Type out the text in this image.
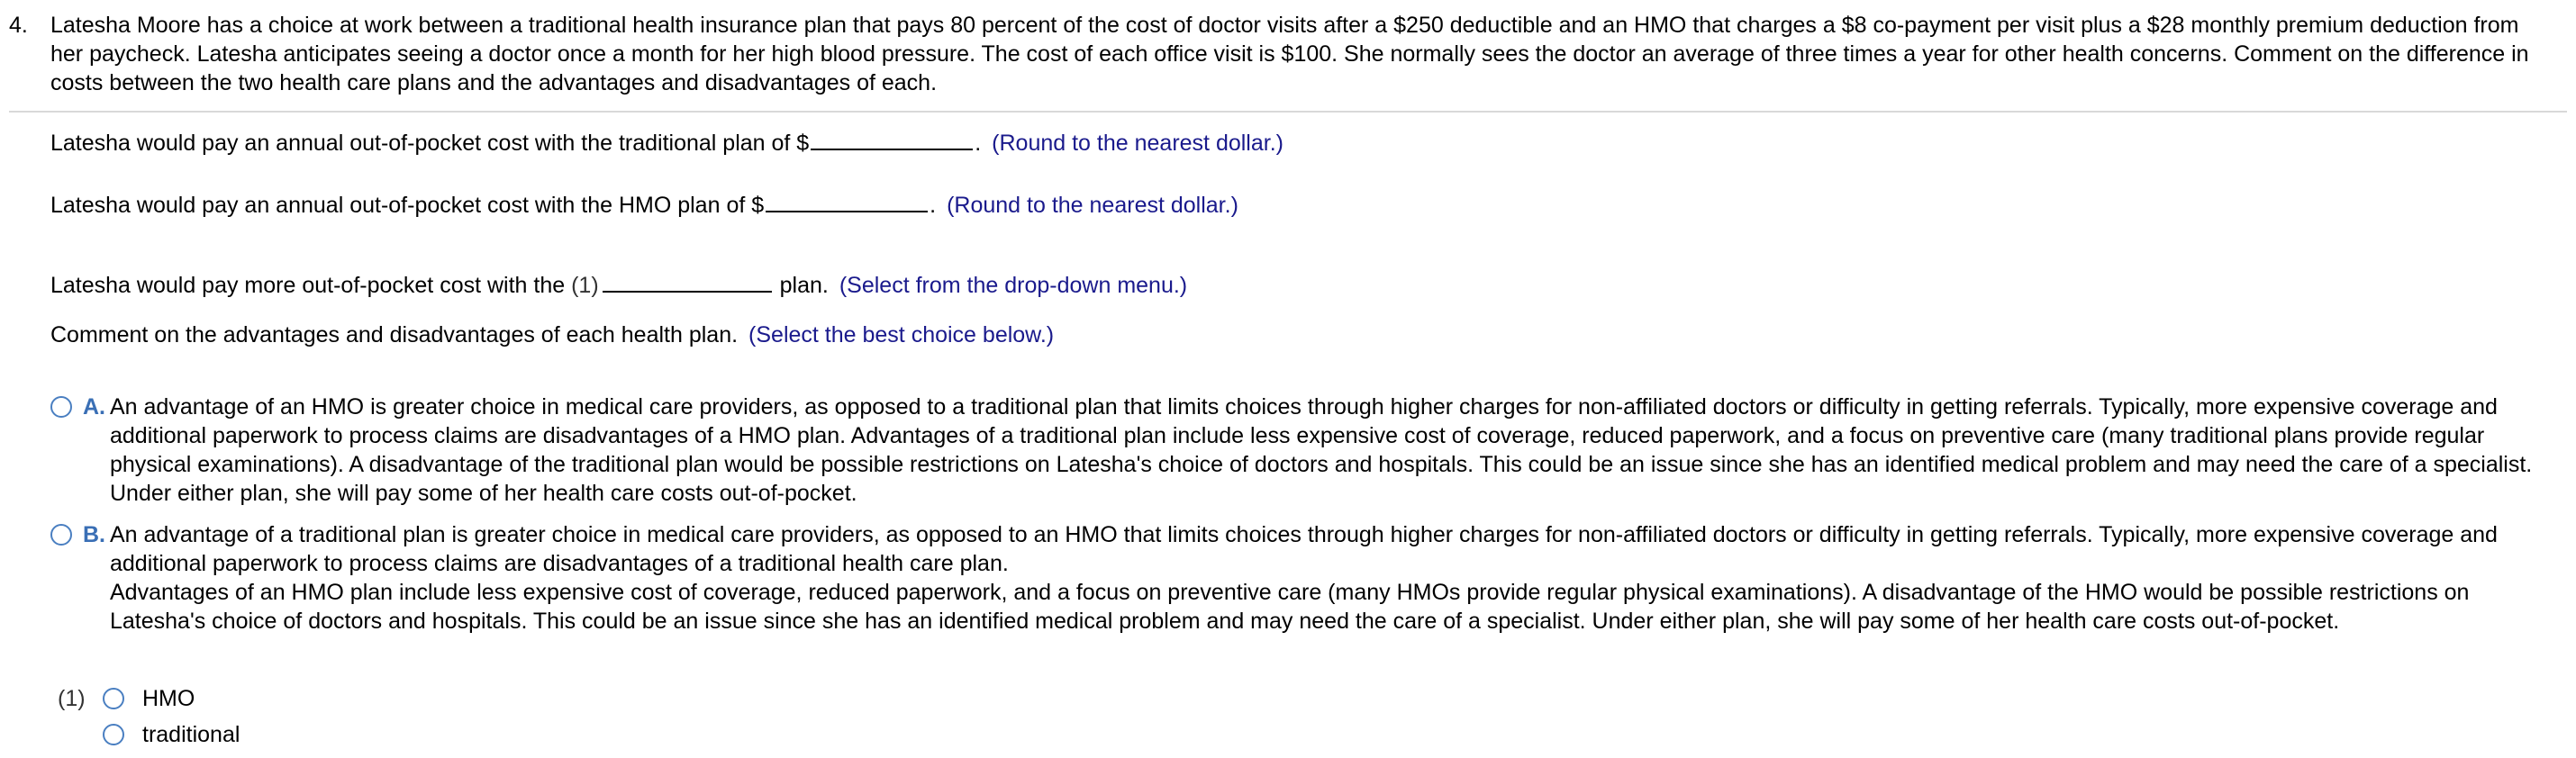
4.	Latesha Moore has a choice at work between a traditional health insurance plan that pays 80 percent of the cost of doctor visits after a $250 deductible and an HMO that charges a $8 co-payment per visit plus a $28 monthly premium deduction from her paycheck. Latesha anticipates seeing a doctor once a month for her high blood pressure. The cost of each office visit is $100. She normally sees the doctor an average of three times a year for other health concerns. Comment on the difference in costs between the two health care plans and the advantages and disadvantages of each.
Latesha would pay an annual out-of-pocket cost with the traditional plan of $	. (Round to the nearest dollar.)
Latesha would pay an annual out-of-pocket cost with the HMO plan of $	. (Round to the nearest dollar.)
Latesha would pay more out-of-pocket cost with the (1)	plan. (Select from the drop-down menu.)
Comment on the advantages and disadvantages of each health plan. (Select the best choice below.)
A. An advantage of an HMO is greater choice in medical care providers, as opposed to a traditional plan that limits choices through higher charges for non-affiliated doctors or difficulty in getting referrals. Typically, more expensive coverage and additional paperwork to process claims are disadvantages of a HMO plan. Advantages of a traditional plan include less expensive cost of coverage, reduced paperwork, and a focus on preventive care (many traditional plans provide regular physical examinations). A disadvantage of the traditional plan would be possible restrictions on Latesha's choice of doctors and hospitals. This could be an issue since she has an identified medical problem and may need the care of a specialist. Under either plan, she will pay some of her health care costs out-of-pocket.

B. An advantage of a traditional plan is greater choice in medical care providers, as opposed to an HMO that limits choices through higher charges for non-affiliated doctors or difficulty in getting referrals. Typically, more expensive coverage and additional paperwork to process claims are disadvantages of a traditional health care plan.

Advantages of an HMO plan include less expensive cost of coverage, reduced paperwork, and a focus on preventive care (many HMOs provide regular physical examinations). A disadvantage of the HMO would be possible restrictions on Latesha's choice of doctors and hospitals. This could be an issue since she has an identified medical problem and may need the care of a specialist. Under either plan, she will pay some of her health care costs out-of-pocket.

(1)	HMO
traditional
